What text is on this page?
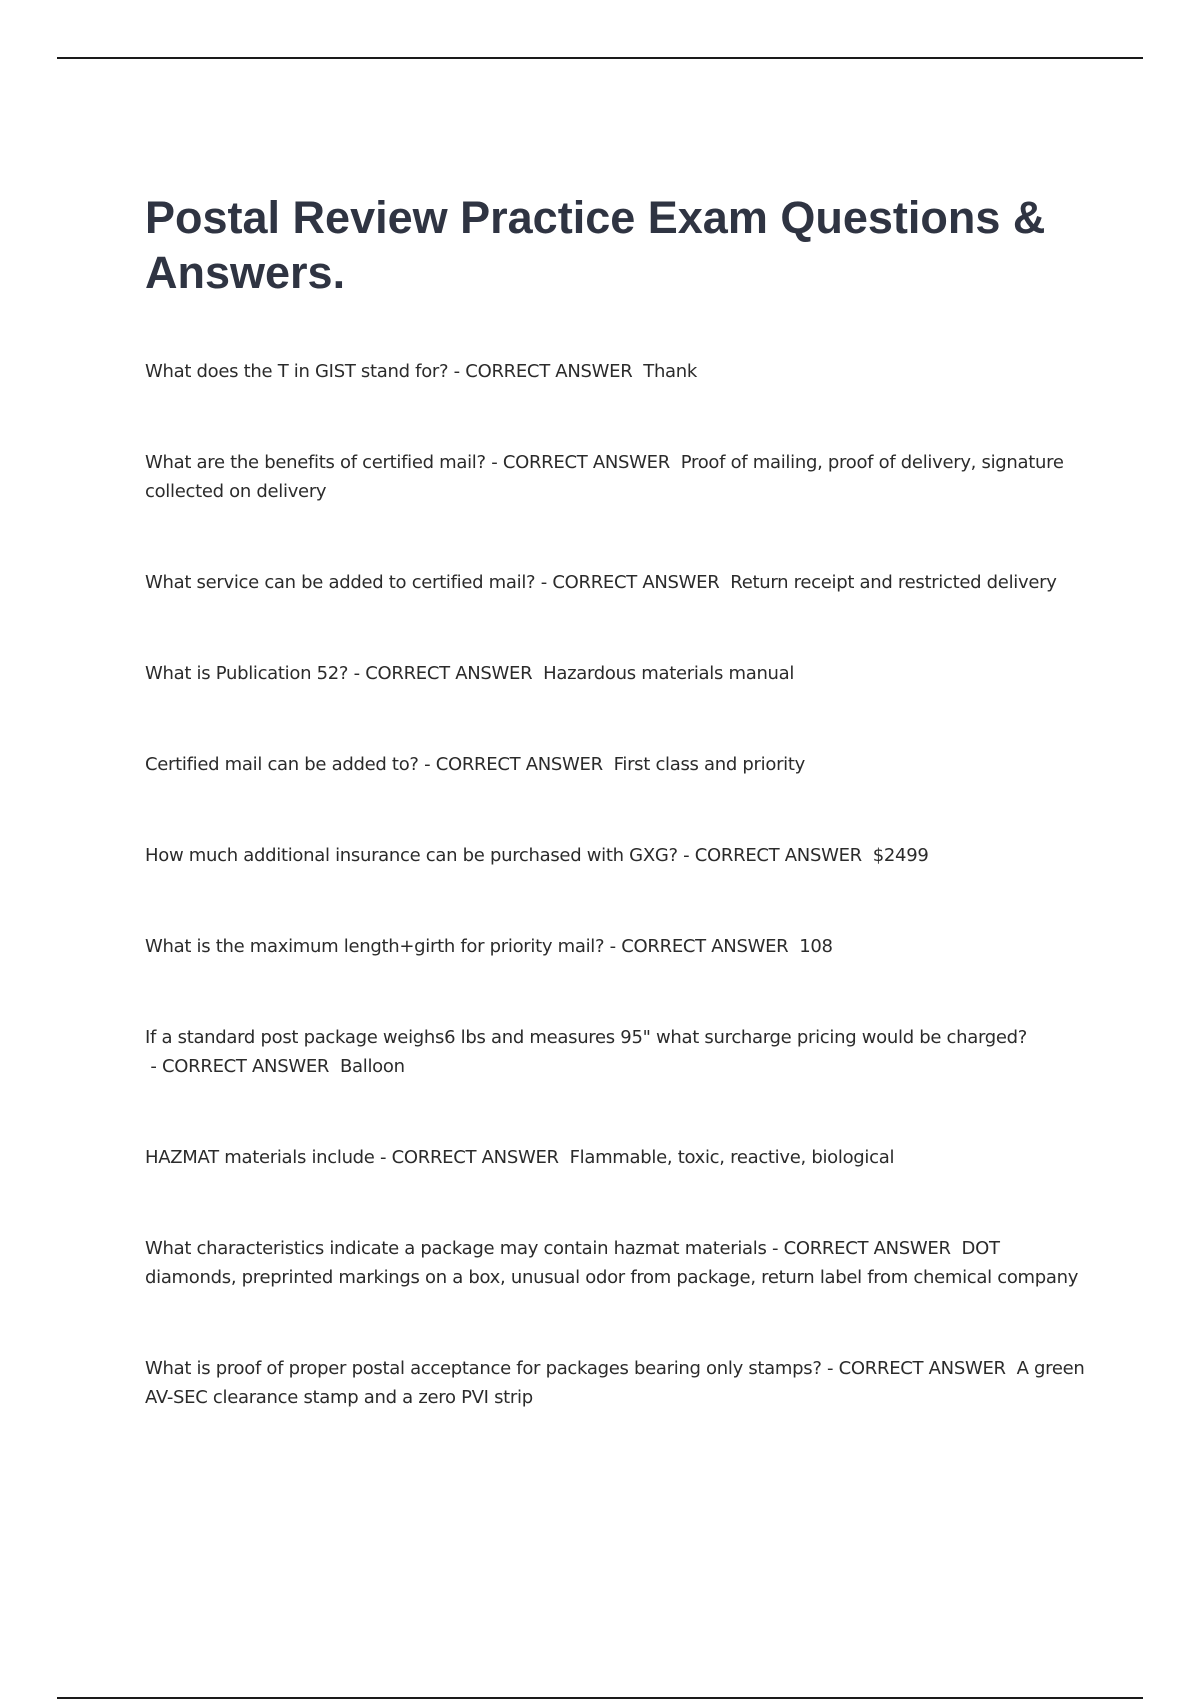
Postal Review Practice Exam Questions & Answers.

What does the T in GIST stand for? - CORRECT ANSWER  Thank

What are the benefits of certified mail? - CORRECT ANSWER  Proof of mailing, proof of delivery, signature collected on delivery

What service can be added to certified mail? - CORRECT ANSWER  Return receipt and restricted delivery

What is Publication 52? - CORRECT ANSWER  Hazardous materials manual

Certified mail can be added to? - CORRECT ANSWER  First class and priority

How much additional insurance can be purchased with GXG? - CORRECT ANSWER  $2499

What is the maximum length+girth for priority mail? - CORRECT ANSWER  108

If a standard post package weighs6 lbs and measures 95" what surcharge pricing would be charged? - CORRECT ANSWER  Balloon

HAZMAT materials include - CORRECT ANSWER  Flammable, toxic, reactive, biological

What characteristics indicate a package may contain hazmat materials - CORRECT ANSWER  DOT diamonds, preprinted markings on a box, unusual odor from package, return label from chemical company

What is proof of proper postal acceptance for packages bearing only stamps? - CORRECT ANSWER  A green AV-SEC clearance stamp and a zero PVI strip
